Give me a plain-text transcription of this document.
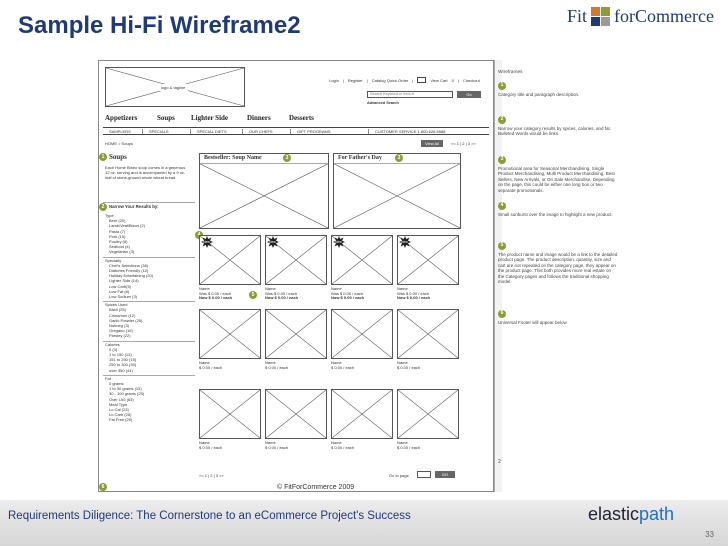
Sample Hi-Fi Wireframe2	Fit forCommerce
logo & tagline
Login | Register | Catalog Quick Order |	View Cart 0 | Checkout
Search Keyword or Item #	Go
Advanced Search
Appetizers	Soups Lighter Side	Dinners	Desserts
SAMPLERS	SPECIALS	SPECIAL DIETS	OUR CHEFS	GIFT PROGRAMS	CUSTOMER SERVICE 1.800.626.5588
HOME > Soups	View All	<< 1 | 2 | 3 >>
1 Soups
Each Home Bistro soup comes in a generous 12 oz. serving and is accompanied by a 9 oz. loaf of stone-ground whole wheat bread.
2	Narrow Your Results by:
6
Bestseller: Soup Name	3	For Father's Day	3
5
<< 1 | 2 | 3 >>	Go to page	GO
Type
Beef (20)
Lamb/Veal/Bison (2)
Pasta (7)
Pork (15)
Poultry (8)
Seafood (4)
Vegetarian (3)
Specialty
Chef's Selections (38)
Diabetes Friendly (12)
Holiday Entertaining (20)
Lighter Side (14)
Low Carb(5)
Low Fat (8)
Low Sodium (3)
Spices Used
Basil (25)
Cinnamon (12)
Garlic Powder (25)
Nutmeg (3)
Oregano (15)
Parsley (22)
Calories
0 (3)
1 to 150 (13)
151 to 250 (15)
250 to 300 (30)
over 350 (44)
Fat
0 grams
1 to 30 grams (15)
30 - 100 grams (25)
Over 150 (63)
Meal Type
Lo Cal (23)
Lo Carb (25)
Fat Free (20)
New
Name
Was $ 0.00 / each
Now $ 0.00 / each
New
Name
Was $ 0.00 / each
Now $ 0.00 / each
New
Name
Was $ 0.00 / each
Now $ 0.00 / each
New
Name
Was $ 0.00 / each
Now $ 0.00 / each
Name
$ 0.00 / each
Name
$ 0.00 / each
Name
$ 0.00 / each
Name
$ 0.00 / each
Name
$ 0.00 / each
Name
$ 0.00 / each
Name
$ 0.00 / each
Name
$ 0.00 / each
© FitForCommerce 2009
Wireframes
1
Category title and paragraph description.
2
Narrow your category results by spices, calories, and fat. Bulleted Words would be links.
3
Promotional area for Seasonal Merchandising, Single Product Merchandising, Multi Product Merchandising, Best Sellers, New Arrivals, or On Sale Merchandise. Depending on the page, this could be either one long box or two separate promotionals.
4
Small sunburst over the image to highlight a new product.
5
The product name and image would be a link to the detailed product page. The product description, quantity, size and cart are not repeated on the category page, they appear on the product page. This both provides more real estate on the Category pages and follows the traditional shopping model.
6
Universal Footer will appear below
2
Requirements Diligence: The Cornerstone to an eCommerce Project's Success	elastic path
33
